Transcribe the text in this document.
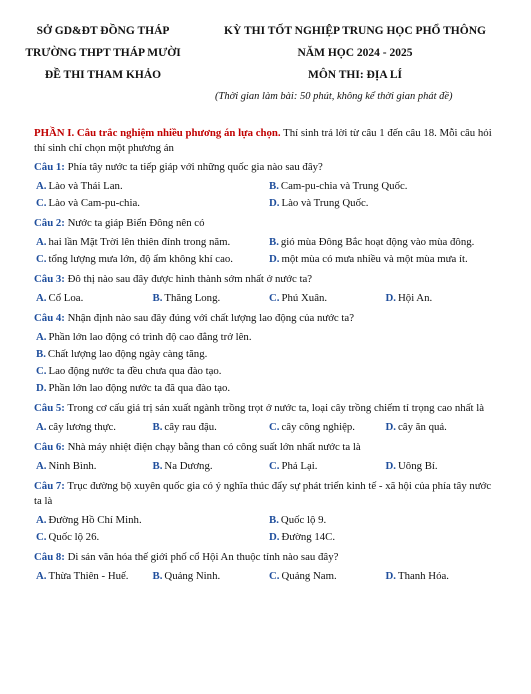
SỞ GD&ĐT ĐỒNG THÁP
TRƯỜNG THPT THÁP MƯỜI
ĐỀ THI THAM KHẢO
KỲ THI TỐT NGHIỆP TRUNG HỌC PHỔ THÔNG
NĂM HỌC 2024 - 2025
MÔN THI: ĐỊA LÍ
(Thời gian làm bài: 50 phút, không kể thời gian phát đề)
PHẦN I. Câu trắc nghiệm nhiều phương án lựa chọn. Thí sinh trả lời từ câu 1 đến câu 18. Mỗi câu hỏi thí sinh chỉ chọn một phương án
Câu 1: Phía tây nước ta tiếp giáp với những quốc gia nào sau đây?
A. Lào và Thái Lan.	B. Cam-pu-chia và Trung Quốc.
C. Lào và Cam-pu-chia.	D. Lào và Trung Quốc.
Câu 2: Nước ta giáp Biển Đông nên có
A. hai lần Mặt Trời lên thiên đỉnh trong năm.	B. gió mùa Đông Bắc hoạt động vào mùa đông.
C. tổng lượng mưa lớn, độ ẩm không khí cao.	D. một mùa có mưa nhiều và một mùa mưa ít.
Câu 3: Đô thị nào sau đây được hình thành sớm nhất ở nước ta?
A. Cổ Loa.	B. Thăng Long.	C. Phú Xuân.	D. Hội An.
Câu 4: Nhận định nào sau đây đúng với chất lượng lao động của nước ta?
A. Phần lớn lao động có trình độ cao đẳng trở lên.
B. Chất lượng lao động ngày càng tăng.
C. Lao động nước ta đều chưa qua đào tạo.
D. Phần lớn lao động nước ta đã qua đào tạo.
Câu 5: Trong cơ cấu giá trị sản xuất ngành trồng trọt ở nước ta, loại cây trồng chiếm tỉ trọng cao nhất là
A. cây lương thực.	B. cây rau đậu.	C. cây công nghiệp.	D. cây ăn quả.
Câu 6: Nhà máy nhiệt điện chạy bằng than có công suất lớn nhất nước ta là
A. Ninh Bình.	B. Na Dương.	C. Phả Lại.	D. Uông Bí.
Câu 7: Trục đường bộ xuyên quốc gia có ý nghĩa thúc đẩy sự phát triển kinh tế - xã hội của phía tây nước ta là
A. Đường Hồ Chí Minh.	B. Quốc lộ 9.
C. Quốc lộ 26.	D. Đường 14C.
Câu 8: Di sản văn hóa thế giới phố cổ Hội An thuộc tỉnh nào sau đây?
A. Thừa Thiên - Huế.	B. Quảng Ninh.	C. Quảng Nam.	D. Thanh Hóa.
